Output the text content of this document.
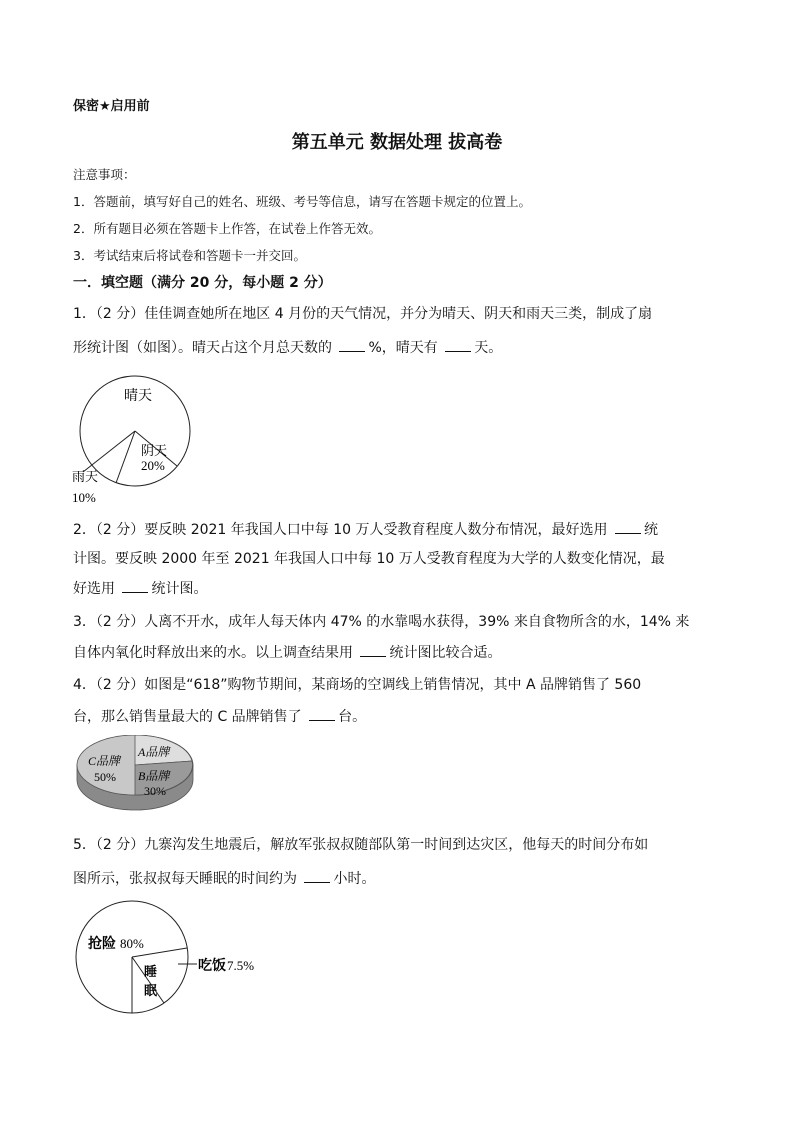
保密★启用前
第五单元 数据处理 拔高卷
注意事项：
1．答题前，填写好自己的姓名、班级、考号等信息，请写在答题卡规定的位置上。
2．所有题目必须在答题卡上作答，在试卷上作答无效。
3．考试结束后将试卷和答题卡一并交回。
一．填空题（满分 20 分，每小题 2 分）
1．（2 分）佳佳调查她所在地区 4 月份的天气情况，并分为晴天、阴天和雨天三类，制成了扇
形统计图（如图）。晴天占这个月总天数的 %，晴天有 天。
晴天
阴天
20%
雨天
10%
2．（2 分）要反映 2021 年我国人口中每 10 万人受教育程度人数分布情况，最好选用 统
计图。要反映 2000 年至 2021 年我国人口中每 10 万人受教育程度为大学的人数变化情况，最
好选用 统计图。
3．（2 分）人离不开水，成年人每天体内 47% 的水靠喝水获得，39% 来自食物所含的水，14% 来
自体内氧化时释放出来的水。以上调查结果用 统计图比较合适。
4．（2 分）如图是“618”购物节期间，某商场的空调线上销售情况，其中 A 品牌销售了 560
台，那么销售量最大的 C 品牌销售了 台。
C品牌
50%
A品牌
B品牌
30%
5．（2 分）九寨沟发生地震后，解放军张叔叔随部队第一时间到达灾区，他每天的时间分布如
图所示，张叔叔每天睡眠的时间约为 小时。
抢险 80%
睡
眠
吃饭 7.5%
